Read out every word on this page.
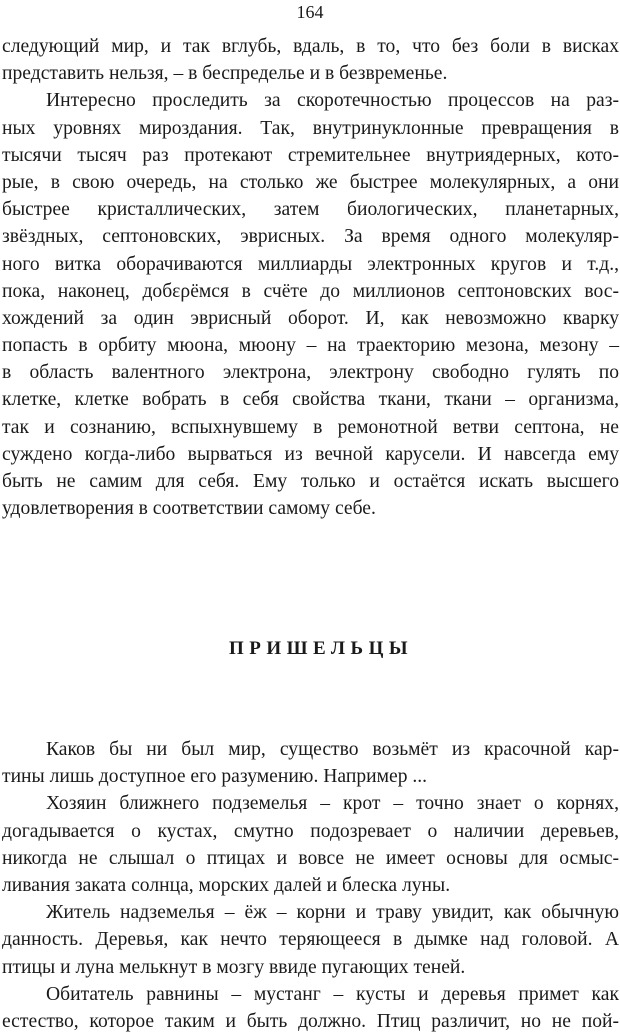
164
следующий мир, и так вглубь, вдаль, в то, что без боли в висках
представить нельзя, – в беспределье и в безвременье.
Интересно проследить за скоротечностью процессов на раз-
ных уровнях мироздания. Так, внутринуклонные превращения в
тысячи тысяч раз протекают стремительнее внутриядерных, кото-
рые, в свою очередь, на столько же быстрее молекулярных, а они
быстрее кристаллических, затем биологических, планетарных,
звёздных, септоновских, эврисных. За время одного молекуляр-
ного витка оборачиваются миллиарды электронных кругов и т.д.,
пока, наконец, добερёмся в счёте до миллионов септоновских вос-
хождений за один эврисный оборот. И, как невозможно кварку
попасть в орбиту мюона, мюону – на траекторию мезона, мезону –
в область валентного электрона, электрону свободно гулять по
клетке, клетке вобрать в себя свойства ткани, ткани – организма,
так и сознанию, вспыхнувшему в ремонотной ветви септона, не
суждено когда-либо вырваться из вечной карусели. И навсегда ему
быть не самим для себя. Ему только и остаётся искать высшего
удовлетворения в соответствии самому себе.
ПРИШЕЛЬЦЫ
Каков бы ни был мир, существо возьмёт из красочной кар-
тины лишь доступное его разумению. Например ...
Хозяин ближнего подземелья – крот – точно знает о корнях,
догадывается о кустах, смутно подозревает о наличии деревьев,
никогда не слышал о птицах и вовсе не имеет основы для осмыс-
ливания заката солнца, морских далей и блеска луны.
Житель надземелья – ёж – корни и траву увидит, как обычную
данность. Деревья, как нечто теряющееся в дымке над головой. А
птицы и луна мелькнут в мозгу ввиде пугающих теней.
Обитатель равнины – мустанг – кусты и деревья примет как
естество, которое таким и быть должно. Птиц различит, но не пой-
